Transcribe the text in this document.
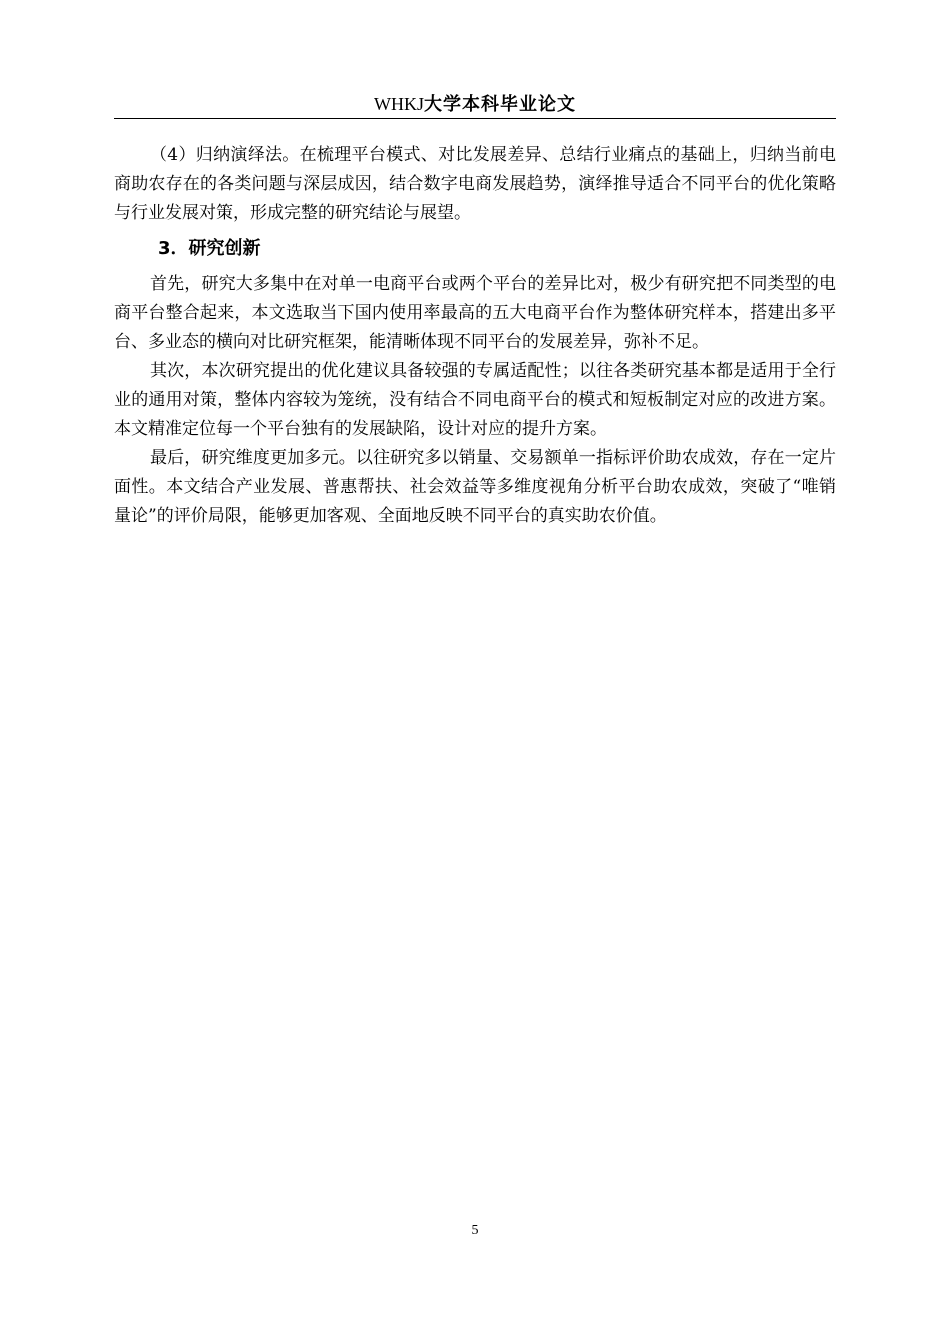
WHKJ大学本科毕业论文

（4）归纳演绎法。在梳理平台模式、对比发展差异、总结行业痛点的基础上，归纳当前电商助农存在的各类问题与深层成因，结合数字电商发展趋势，演绎推导适合不同平台的优化策略与行业发展对策，形成完整的研究结论与展望。

3．研究创新

首先，研究大多集中在对单一电商平台或两个平台的差异比对，极少有研究把不同类型的电商平台整合起来，本文选取当下国内使用率最高的五大电商平台作为整体研究样本，搭建出多平台、多业态的横向对比研究框架，能清晰体现不同平台的发展差异，弥补不足。

其次，本次研究提出的优化建议具备较强的专属适配性；以往各类研究基本都是适用于全行业的通用对策，整体内容较为笼统，没有结合不同电商平台的模式和短板制定对应的改进方案。本文精准定位每一个平台独有的发展缺陷，设计对应的提升方案。

最后，研究维度更加多元。以往研究多以销量、交易额单一指标评价助农成效，存在一定片面性。本文结合产业发展、普惠帮扶、社会效益等多维度视角分析平台助农成效，突破了“唯销量论”的评价局限，能够更加客观、全面地反映不同平台的真实助农价值。

5
